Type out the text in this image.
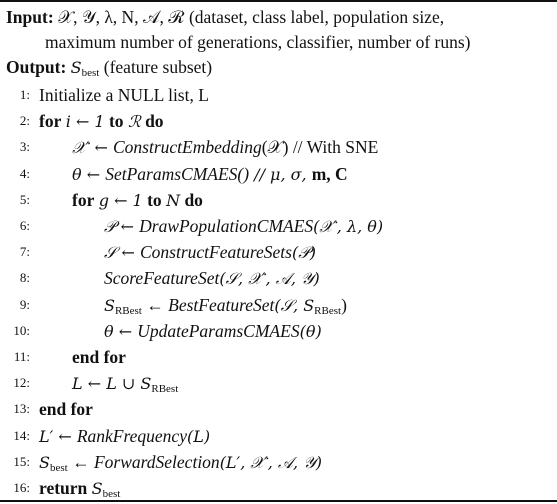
Input: 𝒳, 𝒴, λ, N, 𝒜, ℛ (dataset, class label, population size,
maximum number of generations, classifier, number of runs)
Output: $S_{best}$ (feature subset)
1: Initialize a NULL list, L
2: for i ← 1 to ℛ do
3:	𝒳′ ← ConstructEmbedding(𝒳) // With SNE
4:	θ ← SetParamsCMAES() // μ, σ, m, C
5: for g ← 1 to N do
6:	𝒫 ← DrawPopulationCMAES(𝒳′, λ, θ)
7:	𝒮 ← ConstructFeatureSets(𝒫)
8:	ScoreFeatureSet(𝒮, 𝒳′, 𝒜, 𝒴)
9:	$S_{RBest}$ ← BestFeatureSet(𝒮, $S_{RBest}$)
10:	θ ← UpdateParamsCMAES(θ)
11: end for
12:	L ← L ∪ $S_{RBest}$
13: end for
14: L′ ← RankFrequency(L)
15: $S_{best}$ ← ForwardSelection(L′, 𝒳′, 𝒜, 𝒴)
16: return $S_{best}$
